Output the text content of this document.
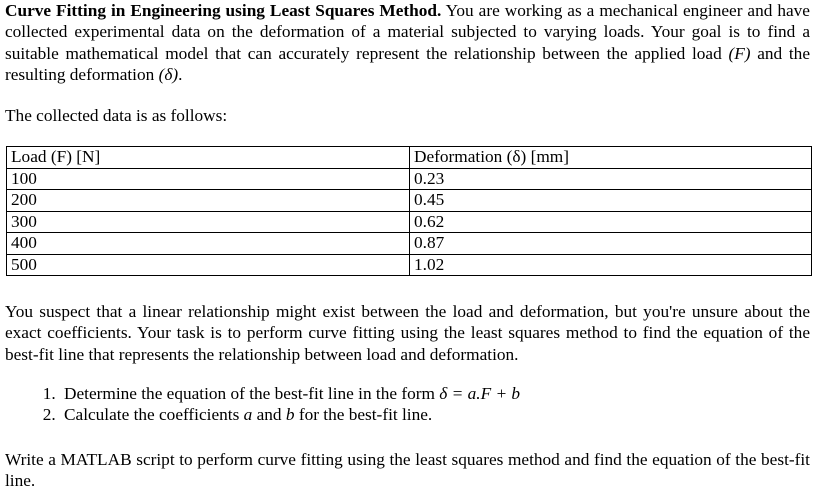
Curve Fitting in Engineering using Least Squares Method. You are working as a mechanical engineer and have collected experimental data on the deformation of a material subjected to varying loads. Your goal is to find a suitable mathematical model that can accurately represent the relationship between the applied load (F) and the resulting deformation (δ).
The collected data is as follows:
Load (F) [N]	Deformation (δ) [mm]
100	0.23
200	0.45
300	0.62
400	0.87
500	1.02
You suspect that a linear relationship might exist between the load and deformation, but you're unsure about the exact coefficients. Your task is to perform curve fitting using the least squares method to find the equation of the best-fit line that represents the relationship between load and deformation.
1. Determine the equation of the best-fit line in the form δ = a.F + b
2. Calculate the coefficients a and b for the best-fit line.
Write a MATLAB script to perform curve fitting using the least squares method and find the equation of the best-fit line.
